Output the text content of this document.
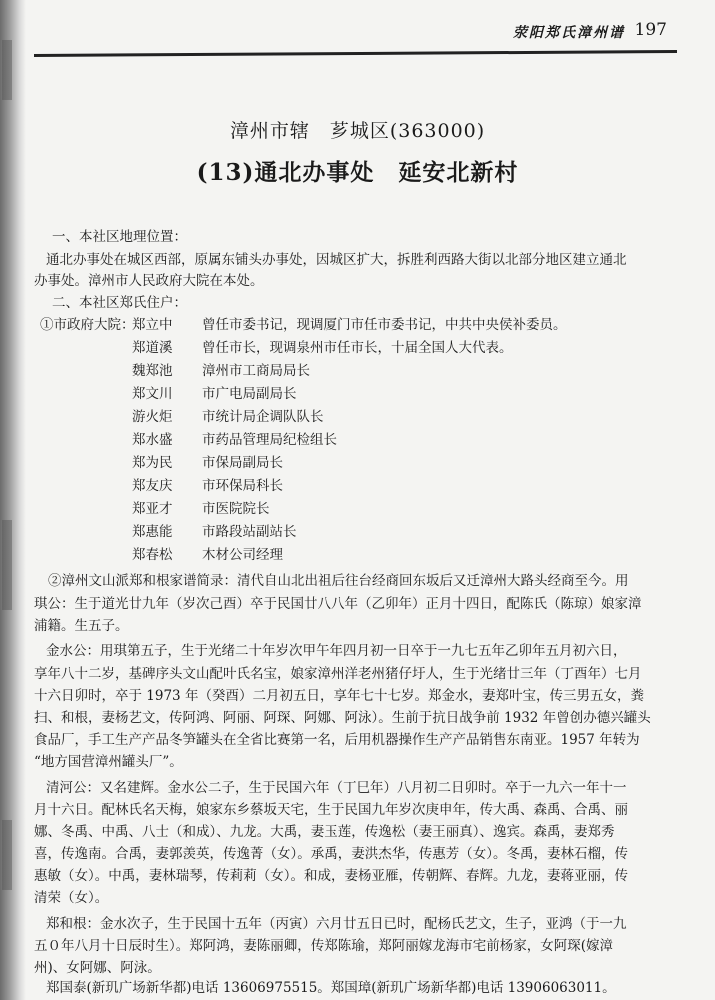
荥阳郑氏漳州谱 197
漳州市辖　芗城区(363000)
(13)通北办事处　延安北新村
一、本社区地理位置：
通北办事处在城区西部，原属东铺头办事处，因城区扩大，拆胜利西路大街以北部分地区建立通北
办事处。漳州市人民政府大院在本处。
二、本社区郑氏住户：
①市政府大院：
郑立中 曾任市委书记，现调厦门市任市委书记，中共中央侯补委员。
郑道溪 曾任市长，现调泉州市任市长，十届全国人大代表。
魏郑池 漳州市工商局局长
郑文川 市广电局副局长
游火炬 市统计局企调队队长
郑水盛 市药品管理局纪检组长
郑为民 市保局副局长
郑友庆 市环保局科长
郑亚才 市医院院长
郑惠能 市路段站副站长
郑春松 木材公司经理
②漳州文山派郑和根家谱简录：清代自山北出祖后往台经商回东坂后又迁漳州大路头经商至今。用
琪公：生于道光廿九年（岁次己酉）卒于民国廿八八年（乙卯年）正月十四日，配陈氏（陈琼）娘家漳
浦籍。生五子。
金水公：用琪第五子，生于光绪二十年岁次甲午年四月初一日卒于一九七五年乙卯年五月初六日，
享年八十二岁，基碑序头文山配叶氏名宝，娘家漳州洋老州猪仔圩人，生于光绪廿三年（丁酉年）七月
十六日卯时，卒于 1973 年（癸酉）二月初五日，享年七十七岁。郑金水，妻郑叶宝，传三男五女，粪
扫、和根，妻杨艺文，传阿鸿、阿丽、阿琛、阿娜、阿泳）。生前于抗日战争前 1932 年曾创办德兴罐头
食品厂，手工生产产品冬笋罐头在全省比赛第一名，后用机器操作生产产品销售东南亚。1957 年转为
“地方国营漳州罐头厂”。
清河公：又名建辉。金水公二子，生于民国六年（丁巳年）八月初二日卯时。卒于一九六一年十一
月十六日。配林氏名天梅，娘家东乡蔡坂天宅，生于民国九年岁次庚申年，传大禹、森禹、合禹、丽
娜、冬禹、中禹、八士（和成）、九龙。大禹，妻玉莲，传逸松（妻王丽真）、逸宾。森禹，妻郑秀
喜，传逸南。合禹，妻郭羡英，传逸菁（女）。承禹，妻洪杰华，传惠芳（女）。冬禹，妻林石榴，传
惠敏（女）。中禹，妻林瑞琴，传莉莉（女）。和成，妻杨亚雁，传朝辉、春辉。九龙，妻蒋亚丽，传
清荣（女）。
郑和根：金水次子，生于民国十五年（丙寅）六月廿五日已时，配杨氏艺文，生子，亚鸿（于一九
五０年八月十日辰时生）。郑阿鸿，妻陈丽卿，传郑陈瑜，郑阿丽嫁龙海市宅前杨家，女阿琛(嫁漳
州)、女阿娜、阿泳。
郑国泰(新玑广场新华都)电话 13606975515。郑国璋(新玑广场新华都)电话 13906063011。
